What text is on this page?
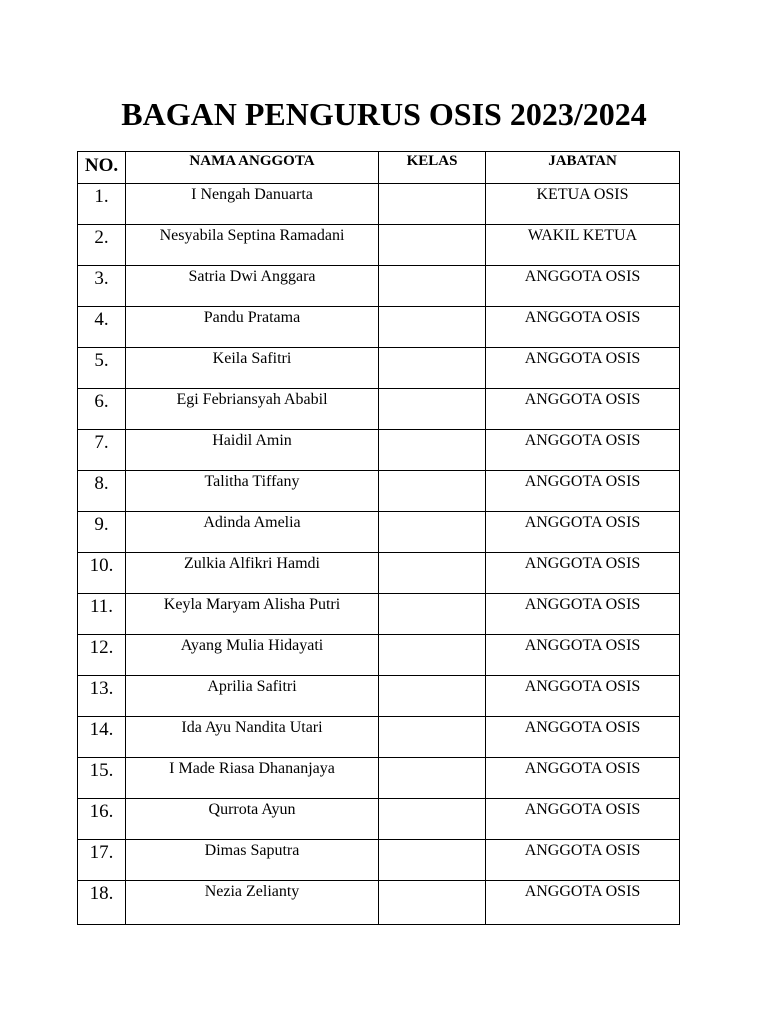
BAGAN PENGURUS OSIS 2023/2024
NO.	NAMA ANGGOTA	KELAS	JABATAN
1.	I Nengah Danuarta		KETUA OSIS
2.	Nesyabila Septina Ramadani		WAKIL KETUA
3.	Satria Dwi Anggara		ANGGOTA OSIS
4.	Pandu Pratama		ANGGOTA OSIS
5.	Keila Safitri		ANGGOTA OSIS
6.	Egi Febriansyah Ababil		ANGGOTA OSIS
7.	Haidil Amin		ANGGOTA OSIS
8.	Talitha Tiffany		ANGGOTA OSIS
9.	Adinda Amelia		ANGGOTA OSIS
10.	Zulkia Alfikri Hamdi		ANGGOTA OSIS
11.	Keyla Maryam Alisha Putri		ANGGOTA OSIS
12.	Ayang Mulia Hidayati		ANGGOTA OSIS
13.	Aprilia Safitri		ANGGOTA OSIS
14.	Ida Ayu Nandita Utari		ANGGOTA OSIS
15.	I Made Riasa Dhananjaya		ANGGOTA OSIS
16.	Qurrota Ayun		ANGGOTA OSIS
17.	Dimas Saputra		ANGGOTA OSIS
18.	Nezia Zelianty		ANGGOTA OSIS
